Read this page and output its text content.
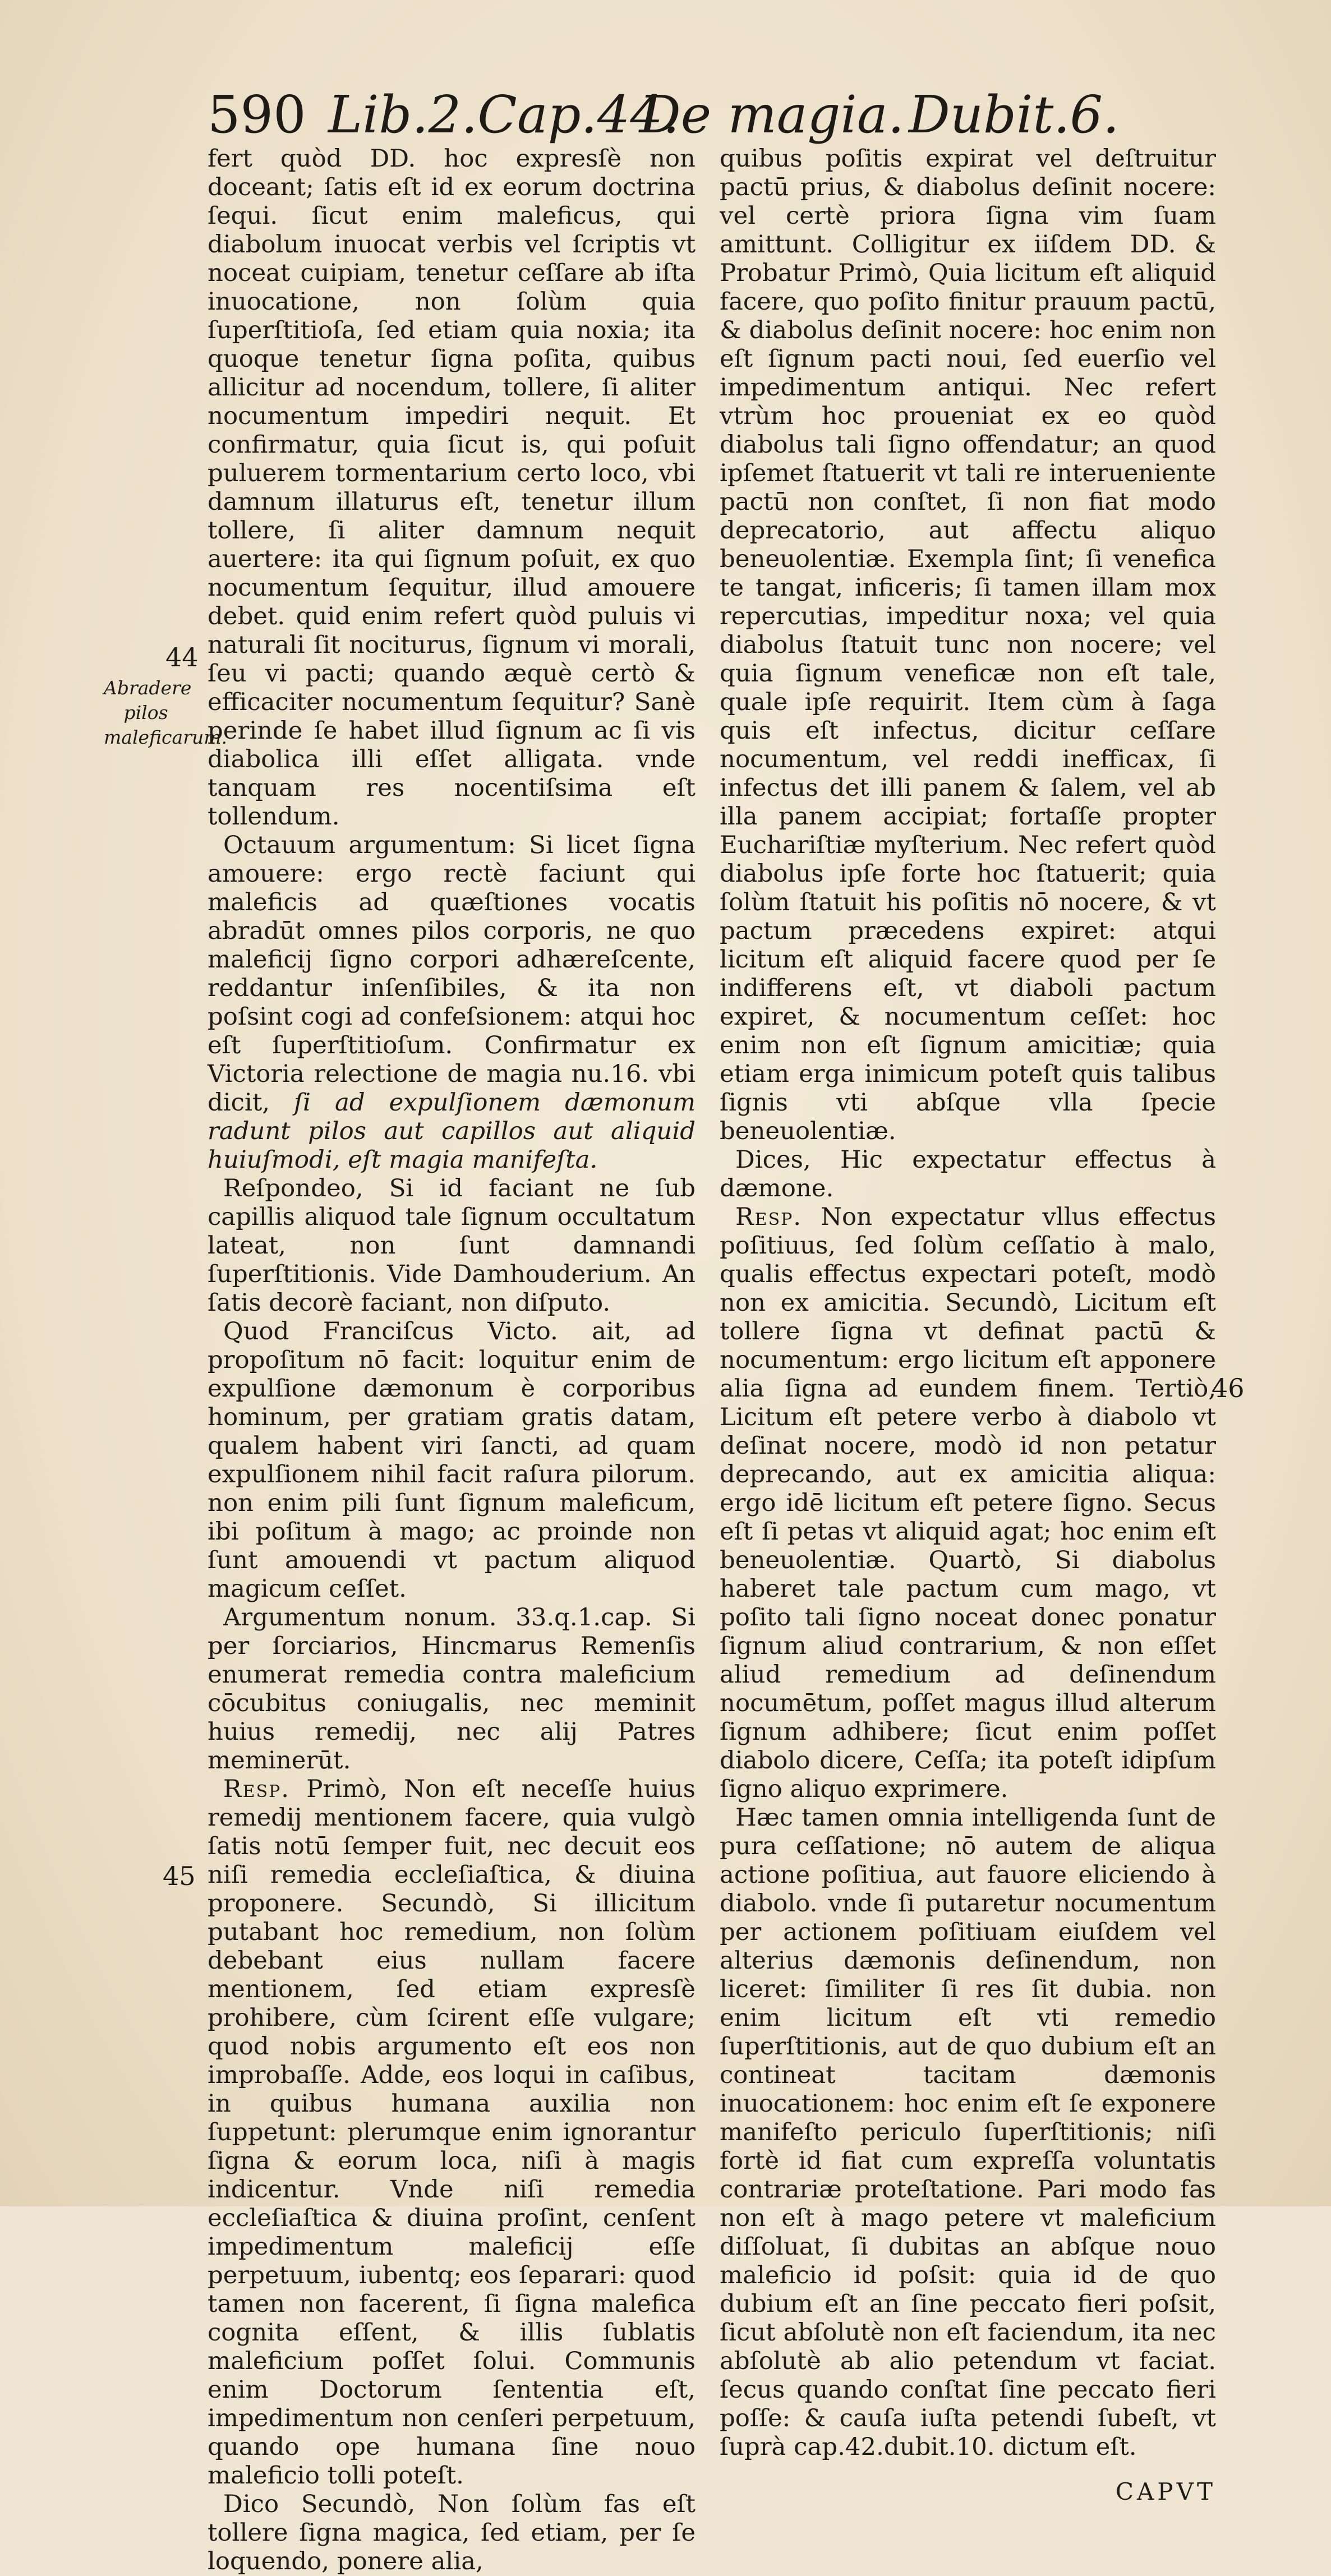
590 Lib.2.Cap.44.
De magia. Dubit.6.
44
Abradere pilos maleficarum.
45
46

fert quòd DD. hoc expresſè non doceant; ſatis eſt id ex eorum doctrina ſequi. ſicut enim maleficus, qui diabolum inuocat verbis vel ſcriptis vt noceat cuipiam, tenetur ceſſare ab iſta inuocatione, non ſolùm quia ſuperſtitioſa, ſed etiam quia noxia; ita quoque tenetur ſigna poſita, quibus allicitur ad nocendum, tollere, ſi aliter nocumentum impediri nequit. Et confirmatur, quia ſicut is, qui poſuit puluerem tormentarium certo loco, vbi damnum illaturus eſt, tenetur illum tollere, ſi aliter damnum nequit auertere: ita qui ſignum poſuit, ex quo nocumentum ſequitur, illud amouere debet. quid enim refert quòd puluis vi naturali ſit nociturus, ſignum vi morali, ſeu vi pacti; quando æquè certò & efficaciter nocumentum ſequitur? Sanè perinde ſe habet illud ſignum ac ſi vis diabolica illi eſſet alligata. vnde tanquam res nocentiſsima eſt tollendum.

Octauum argumentum: Si licet ſigna amouere: ergo rectè faciunt qui maleficis ad quæſtiones vocatis abradūt omnes pilos corporis, ne quo maleficij ſigno corpori adhæreſcente, reddantur inſenſibiles, & ita non poſsint cogi ad confeſsionem: atqui hoc eſt ſuperſtitioſum. Confirmatur ex Victoria relectione de magia nu.16. vbi dicit, ſi ad expulſionem dæmonum radunt pilos aut capillos aut aliquid huiuſmodi, eſt magia manifeſta.

Reſpondeo, Si id faciant ne ſub capillis aliquod tale ſignum occultatum lateat, non ſunt damnandi ſuperſtitionis. Vide Damhouderium. An ſatis decorè faciant, non diſputo.

Quod Franciſcus Victo. ait, ad propoſitum nō facit: loquitur enim de expulſione dæmonum è corporibus hominum, per gratiam gratis datam, qualem habent viri ſancti, ad quam expulſionem nihil facit raſura pilorum. non enim pili ſunt ſignum maleficum, ibi poſitum à mago; ac proinde non ſunt amouendi vt pactum aliquod magicum ceſſet.

Argumentum nonum. 33.q.1.cap. Si per ſorciarios, Hincmarus Remenſis enumerat remedia contra maleficium cōcubitus coniugalis, nec meminit huius remedij, nec alij Patres meminerūt.

Resp. Primò, Non eſt neceſſe huius remedij mentionem facere, quia vulgò ſatis notū ſemper fuit, nec decuit eos niſi remedia eccleſiaſtica, & diuina proponere. Secundò, Si illicitum putabant hoc remedium, non ſolùm debebant eius nullam facere mentionem, ſed etiam expresſè prohibere, cùm ſcirent eſſe vulgare; quod nobis argumento eſt eos non improbaſſe. Adde, eos loqui in caſibus, in quibus humana auxilia non ſuppetunt: plerumque enim ignorantur ſigna & eorum loca, niſi à magis indicentur. Vnde niſi remedia eccleſiaſtica & diuina proſint, cenſent impedimentum maleficij eſſe perpetuum, iubentq; eos ſeparari: quod tamen non facerent, ſi ſigna malefica cognita eſſent, & illis ſublatis maleficium poſſet ſolui. Communis enim Doctorum ſententia eſt, impedimentum non cenſeri perpetuum, quando ope humana ſine nouo maleficio tolli poteſt.

Dico Secundò, Non ſolùm fas eſt tollere ſigna magica, ſed etiam, per ſe loquendo, ponere alia,

quibus poſitis expirat vel deſtruitur pactū prius, & diabolus deſinit nocere: vel certè priora ſigna vim ſuam amittunt. Colligitur ex iiſdem DD. & Probatur Primò, Quia licitum eſt aliquid facere, quo poſito finitur prauum pactū, & diabolus deſinit nocere: hoc enim non eſt ſignum pacti noui, ſed euerſio vel impedimentum antiqui. Nec refert vtrùm hoc proueniat ex eo quòd diabolus tali ſigno offendatur; an quod ipſemet ſtatuerit vt tali re interueniente pactū non conſtet, ſi non fiat modo deprecatorio, aut affectu aliquo beneuolentiæ. Exempla ſint; ſi venefica te tangat, inficeris; ſi tamen illam mox repercutias, impeditur noxa; vel quia diabolus ſtatuit tunc non nocere; vel quia ſignum veneficæ non eſt tale, quale ipſe requirit. Item cùm à ſaga quis eſt infectus, dicitur ceſſare nocumentum, vel reddi inefficax, ſi infectus det illi panem & ſalem, vel ab illa panem accipiat; fortaſſe propter Euchariſtiæ myſterium. Nec refert quòd diabolus ipſe forte hoc ſtatuerit; quia ſolùm ſtatuit his poſitis nō nocere, & vt pactum præcedens expiret: atqui licitum eſt aliquid facere quod per ſe indifferens eſt, vt diaboli pactum expiret, & nocumentum ceſſet: hoc enim non eſt ſignum amicitiæ; quia etiam erga inimicum poteſt quis talibus ſignis vti abſque vlla ſpecie beneuolentiæ.

Dices, Hic expectatur effectus à dæmone.

Resp. Non expectatur vllus effectus poſitiuus, ſed ſolùm ceſſatio à malo, qualis effectus expectari poteſt, modò non ex amicitia. Secundò, Licitum eſt tollere ſigna vt definat pactū & nocumentum: ergo licitum eſt apponere alia ſigna ad eundem finem. Tertiò, Licitum eſt petere verbo à diabolo vt deſinat nocere, modò id non petatur deprecando, aut ex amicitia aliqua: ergo idē licitum eſt petere ſigno. Secus eſt ſi petas vt aliquid agat; hoc enim eſt beneuolentiæ. Quartò, Si diabolus haberet tale pactum cum mago, vt poſito tali ſigno noceat donec ponatur ſignum aliud contrarium, & non eſſet aliud remedium ad deſinendum nocumētum, poſſet magus illud alterum ſignum adhibere; ſicut enim poſſet diabolo dicere, Ceſſa; ita poteſt idipſum ſigno aliquo exprimere.

Hæc tamen omnia intelligenda ſunt de pura ceſſatione; nō autem de aliqua actione poſitiua, aut fauore eliciendo à diabolo. vnde ſi putaretur nocumentum per actionem poſitiuam eiuſdem vel alterius dæmonis deſinendum, non liceret: ſimiliter ſi res ſit dubia. non enim licitum eſt vti remedio ſuperſtitionis, aut de quo dubium eſt an contineat tacitam dæmonis inuocationem: hoc enim eſt ſe exponere manifeſto periculo ſuperſtitionis; niſi fortè id fiat cum expreſſa voluntatis contrariæ proteſtatione. Pari modo fas non eſt à mago petere vt maleficium diſſoluat, ſi dubitas an abſque nouo maleficio id poſsit: quia id de quo dubium eſt an ſine peccato fieri poſsit, ſicut abſolutè non eſt faciendum, ita nec abſolutè ab alio petendum vt faciat. ſecus quando conſtat ſine peccato fieri poſſe: & cauſa iuſta petendi ſubeſt, vt ſuprà cap.42.dubit.10. dictum eſt.

CAPVT
